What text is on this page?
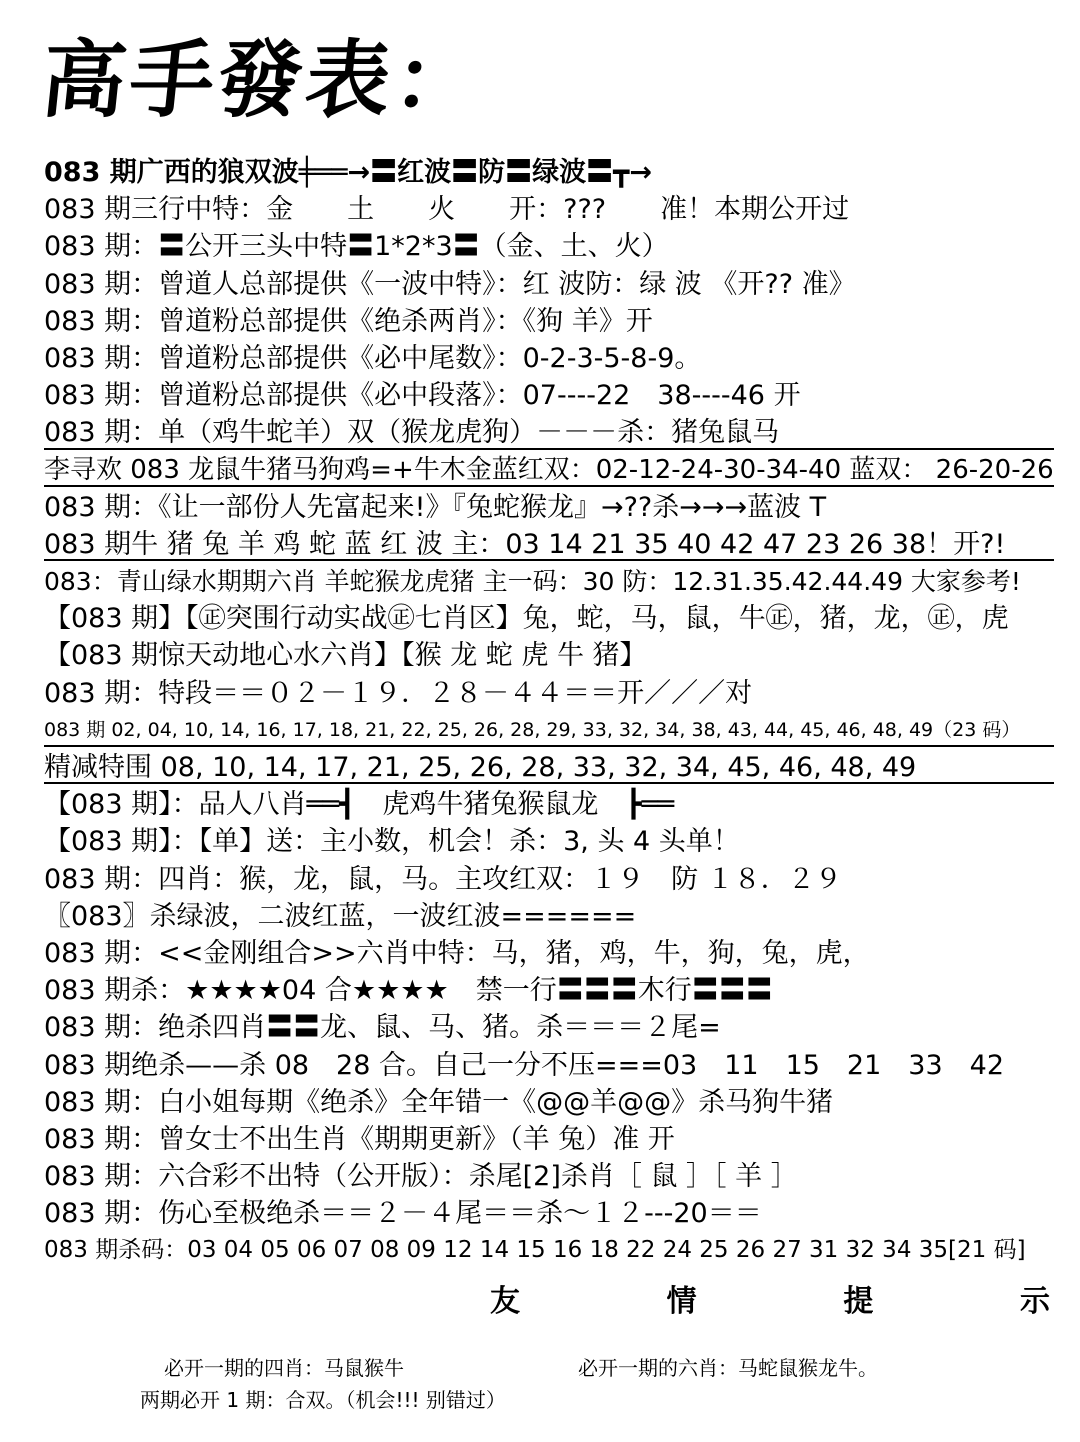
高手發表：
083 期广西的狼双波╪══→〓红波〓防〓绿波〓┳→
083 期三行中特：金　　土　　火　　开：???　　准！本期公开过
083 期：〓公开三头中特〓1*2*3〓（金、土、火）
083 期：曾道人总部提供《一波中特》：红 波防：绿 波 《开?? 准》
083 期：曾道粉总部提供《绝杀两肖》：《狗 羊》开
083 期：曾道粉总部提供《必中尾数》：0-2-3-5-8-9。
083 期：曾道粉总部提供《必中段落》：07----22　38----46 开
083 期：单（鸡牛蛇羊）双（猴龙虎狗）－－－杀：猪兔鼠马
李寻欢 083 龙鼠牛猪马狗鸡=+牛木金蓝红双：02-12-24-30-34-40 蓝双： 26-20-26
083 期：《让一部份人先富起来!》『兔蛇猴龙』→??杀→→→蓝波 T
083 期牛 猪 兔 羊 鸡 蛇 蓝 红 波 主：03 14 21 35 40 42 47 23 26 38！开?!
083：青山绿水期期六肖 羊蛇猴龙虎猪 主一码：30 防：12.31.35.42.44.49 大家参考!
【083 期】【㊣突围行动实战㊣七肖区】兔，蛇，马，鼠，牛㊣，猪，龙，㊣，虎
【083 期惊天动地心水六肖】【猴 龙 蛇 虎 牛 猪】
083 期：特段＝＝０２－１９．２８－４４＝＝开／／／对
083 期 02, 04, 10, 14, 16, 17, 18, 21, 22, 25, 26, 28, 29, 33, 32, 34, 38, 43, 44, 45, 46, 48, 49（23 码）
精减特围 08, 10, 14, 17, 21, 25, 26, 28, 33, 32, 34, 45, 46, 48, 49
【083 期】：品人八肖══┫　虎鸡牛猪兔猴鼠龙　┣══
【083 期】：【单】送：主小数，机会！杀：3, 头 4 头单！
083 期：四肖：猴，龙，鼠，马。主攻红双：１９　防 １８．２９
〖083〗杀绿波，二波红蓝，一波红波======
083 期：<<金刚组合>>六肖中特：马，猪，鸡，牛，狗，兔，虎，
083 期杀：★★★★04 合★★★★　禁一行〓〓〓木行〓〓〓
083 期：绝杀四肖〓〓龙、鼠、马、猪。杀＝＝＝２尾=
083 期绝杀——杀 08　28 合。自己一分不压===03　11　15　21　33　42
083 期：白小姐每期《绝杀》全年错一《@@羊@@》杀马狗牛猪
083 期：曾女士不出生肖《期期更新》（羊 兔）准 开
083 期：六合彩不出特（公开版）：杀尾[2]杀肖［ 鼠 ］［ 羊 ］
083 期：伤心至极绝杀＝＝２－４尾＝＝杀～１２---20＝＝
083 期杀码：03 04 05 06 07 08 09 12 14 15 16 18 22 24 25 26 27 31 32 34 35[21 码]
友	情	提	示
必开一期的四肖：马鼠猴牛	必开一期的六肖：马蛇鼠猴龙牛。
两期必开 1 期：合双。（机会!!! 别错过）
